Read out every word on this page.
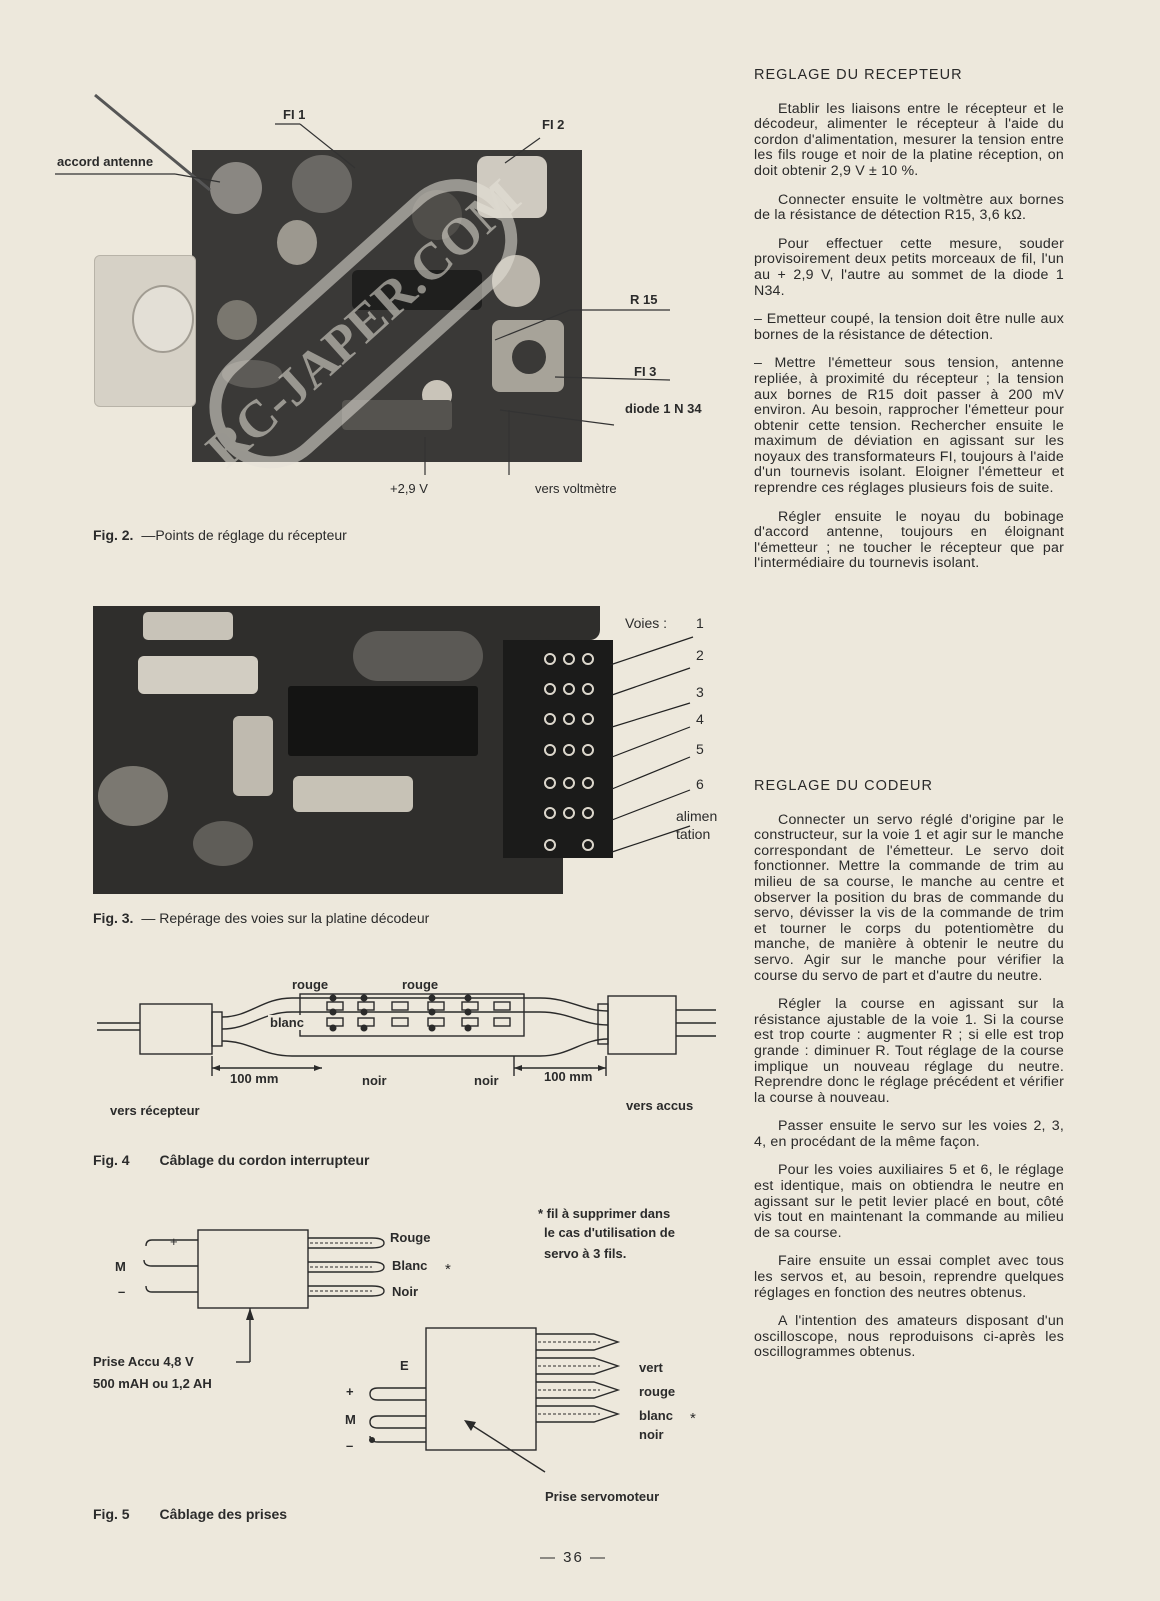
RC-JAPER.COM
accord antenne
FI 1
FI 2
R 15
FI 3
diode 1 N 34
+2,9 V	vers voltmètre
Fig. 2. —Points de réglage du récepteur
Voies : 1
2
3
4
5
6
alimen
tation
Fig. 3. — Repérage des voies sur la platine décodeur
rouge	rouge
blanc
100 mm	noir	noir	100 mm
vers récepteur	vers accus
Fig. 4 Câblage du cordon interrupteur
* fil à supprimer dans
le cas d'utilisation de
servo à 3 fils.
+
M
–
Rouge
Blanc *
Noir
Prise Accu 4,8 V
500 mAH ou 1,2 AH
E
+
M
–
vert
rouge
blanc *
noir
Prise servomoteur
Fig. 5 Câblage des prises
REGLAGE DU RECEPTEUR

Etablir les liaisons entre le récepteur et le décodeur, alimenter le récepteur à l'aide du cordon d'alimentation, mesurer la tension entre les fils rouge et noir de la platine réception, on doit obtenir 2,9 V ± 10 %.

Connecter ensuite le voltmètre aux bornes de la résistance de détection R15, 3,6 kΩ.

Pour effectuer cette mesure, souder provisoirement deux petits morceaux de fil, l'un au + 2,9 V, l'autre au sommet de la diode 1 N34.

– Emetteur coupé, la tension doit être nulle aux bornes de la résistance de détection.

– Mettre l'émetteur sous tension, antenne repliée, à proximité du récepteur ; la tension aux bornes de R15 doit passer à 200 mV environ. Au besoin, rapprocher l'émetteur pour obtenir cette tension. Rechercher ensuite le maximum de déviation en agissant sur les noyaux des transformateurs FI, toujours à l'aide d'un tournevis isolant. Eloigner l'émetteur et reprendre ces réglages plusieurs fois de suite.

Régler ensuite le noyau du bobinage d'accord antenne, toujours en éloignant l'émetteur ; ne toucher le récepteur que par l'intermédiaire du tournevis isolant.

REGLAGE DU CODEUR

Connecter un servo réglé d'origine par le constructeur, sur la voie 1 et agir sur le manche correspondant de l'émetteur. Le servo doit fonctionner. Mettre la commande de trim au milieu de sa course, le manche au centre et observer la position du bras de commande du servo, dévisser la vis de la commande de trim et tourner le corps du potentiomètre du manche, de manière à obtenir le neutre du servo. Agir sur le manche pour vérifier la course du servo de part et d'autre du neutre.

Régler la course en agissant sur la résistance ajustable de la voie 1. Si la course est trop courte : augmenter R ; si elle est trop grande : diminuer R. Tout réglage de la course implique un nouveau réglage du neutre. Reprendre donc le réglage précédent et vérifier la course à nouveau.

Passer ensuite le servo sur les voies 2, 3, 4, en procédant de la même façon.

Pour les voies auxiliaires 5 et 6, le réglage est identique, mais on obtiendra le neutre en agissant sur le petit levier placé en bout, côté vis tout en maintenant la commande au milieu de sa course.

Faire ensuite un essai complet avec tous les servos et, au besoin, reprendre quelques réglages en fonction des neutres obtenus.

A l'intention des amateurs disposant d'un oscilloscope, nous reproduisons ci-après les oscillogrammes obtenus.

— 36 —
